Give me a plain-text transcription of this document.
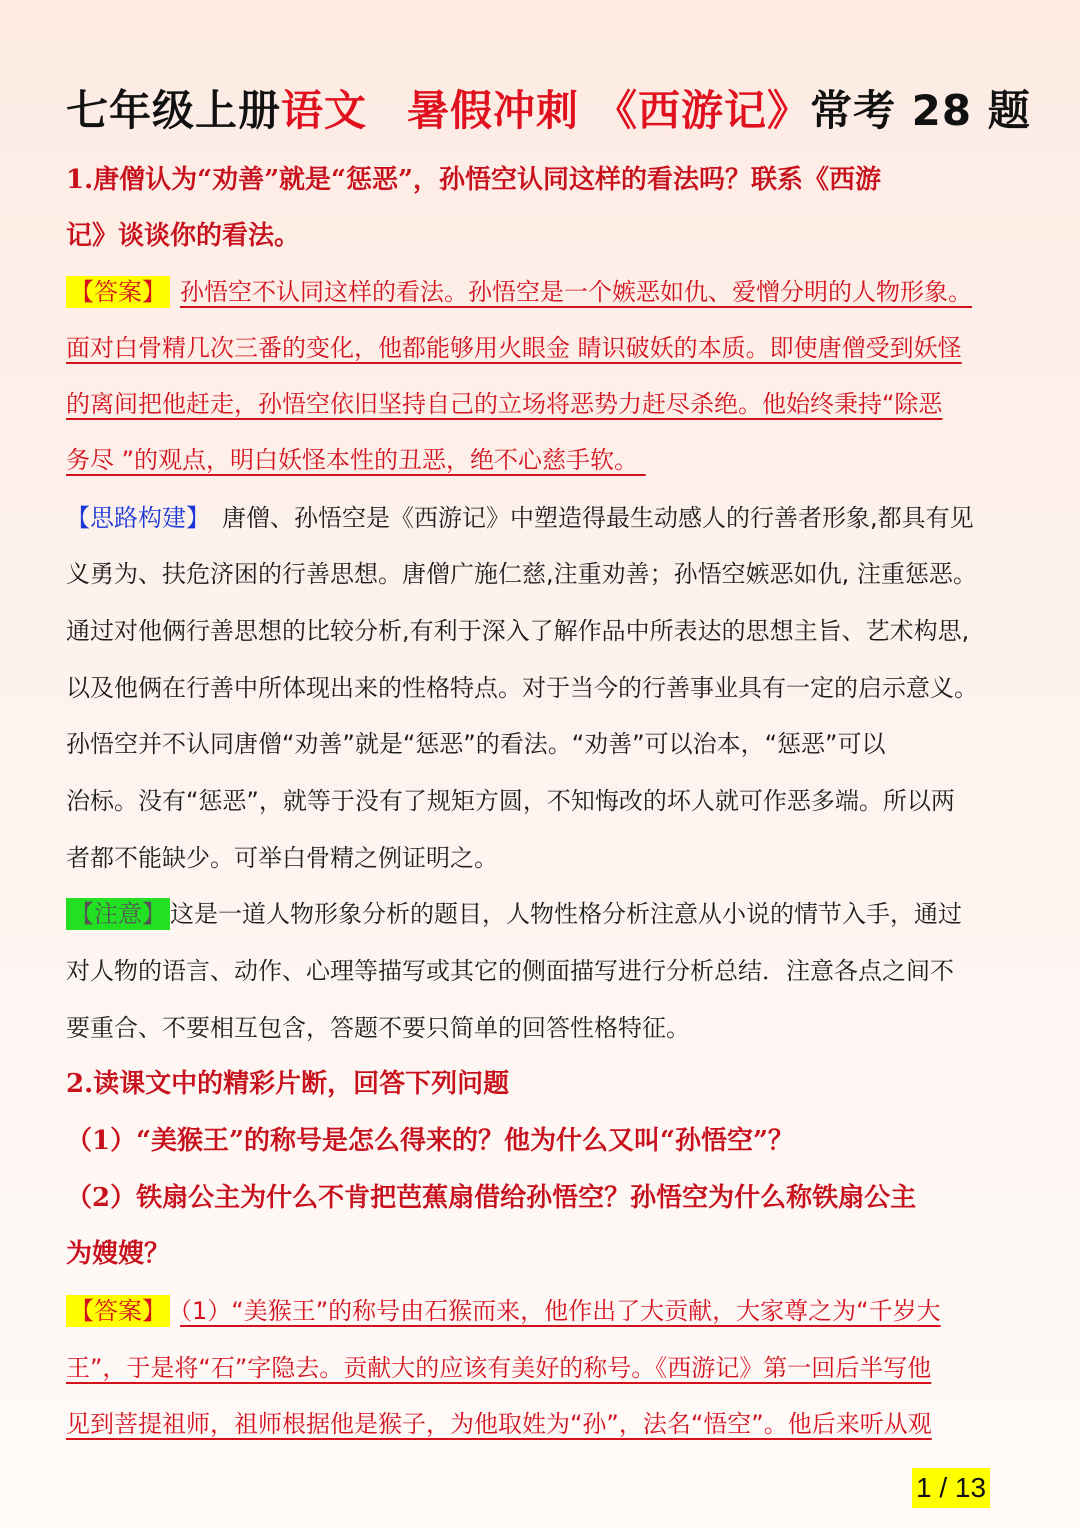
七年级上册语文 暑假冲刺 《西游记》常考 28 题
1.唐僧认为“劝善”就是“惩恶”，孙悟空认同这样的看法吗？联系《西游
记》谈谈你的看法。
【答案】 孙悟空不认同这样的看法。孙悟空是一个嫉恶如仇、爱憎分明的人物形象。
面对白骨精几次三番的变化，他都能够用火眼金 睛识破妖的本质。即使唐僧受到妖怪
的离间把他赶走，孙悟空依旧坚持自己的立场将恶势力赶尽杀绝。他始终秉持“除恶
务尽 ”的观点，明白妖怪本性的丑恶，绝不心慈手软。
【思路构建】 唐僧、孙悟空是《西游记》中塑造得最生动感人的行善者形象,都具有见
义勇为、扶危济困的行善思想。唐僧广施仁慈,注重劝善；孙悟空嫉恶如仇, 注重惩恶。
通过对他俩行善思想的比较分析,有利于深入了解作品中所表达的思想主旨、艺术构思,
以及他俩在行善中所体现出来的性格特点。对于当今的行善事业具有一定的启示意义。
孙悟空并不认同唐僧“劝善”就是“惩恶”的看法。“劝善”可以治本，“惩恶”可以
治标。没有“惩恶”，就等于没有了规矩方圆，不知悔改的坏人就可作恶多端。所以两
者都不能缺少。可举白骨精之例证明之。
【注意】 这是一道人物形象分析的题目，人物性格分析注意从小说的情节入手，通过
对人物的语言、动作、心理等描写或其它的侧面描写进行分析总结．注意各点之间不
要重合、不要相互包含，答题不要只简单的回答性格特征。
2.读课文中的精彩片断，回答下列问题
（1）“美猴王”的称号是怎么得来的？他为什么又叫“孙悟空”？
（2）铁扇公主为什么不肯把芭蕉扇借给孙悟空？孙悟空为什么称铁扇公主
为嫂嫂？
【答案】 （1）“美猴王”的称号由石猴而来，他作出了大贡献，大家尊之为“千岁大
王”，于是将“石”字隐去。贡献大的应该有美好的称号。《西游记》第一回后半写他
见到菩提祖师，祖师根据他是猴子，为他取姓为“孙”，法名“悟空”。他后来听从观
1 / 13
